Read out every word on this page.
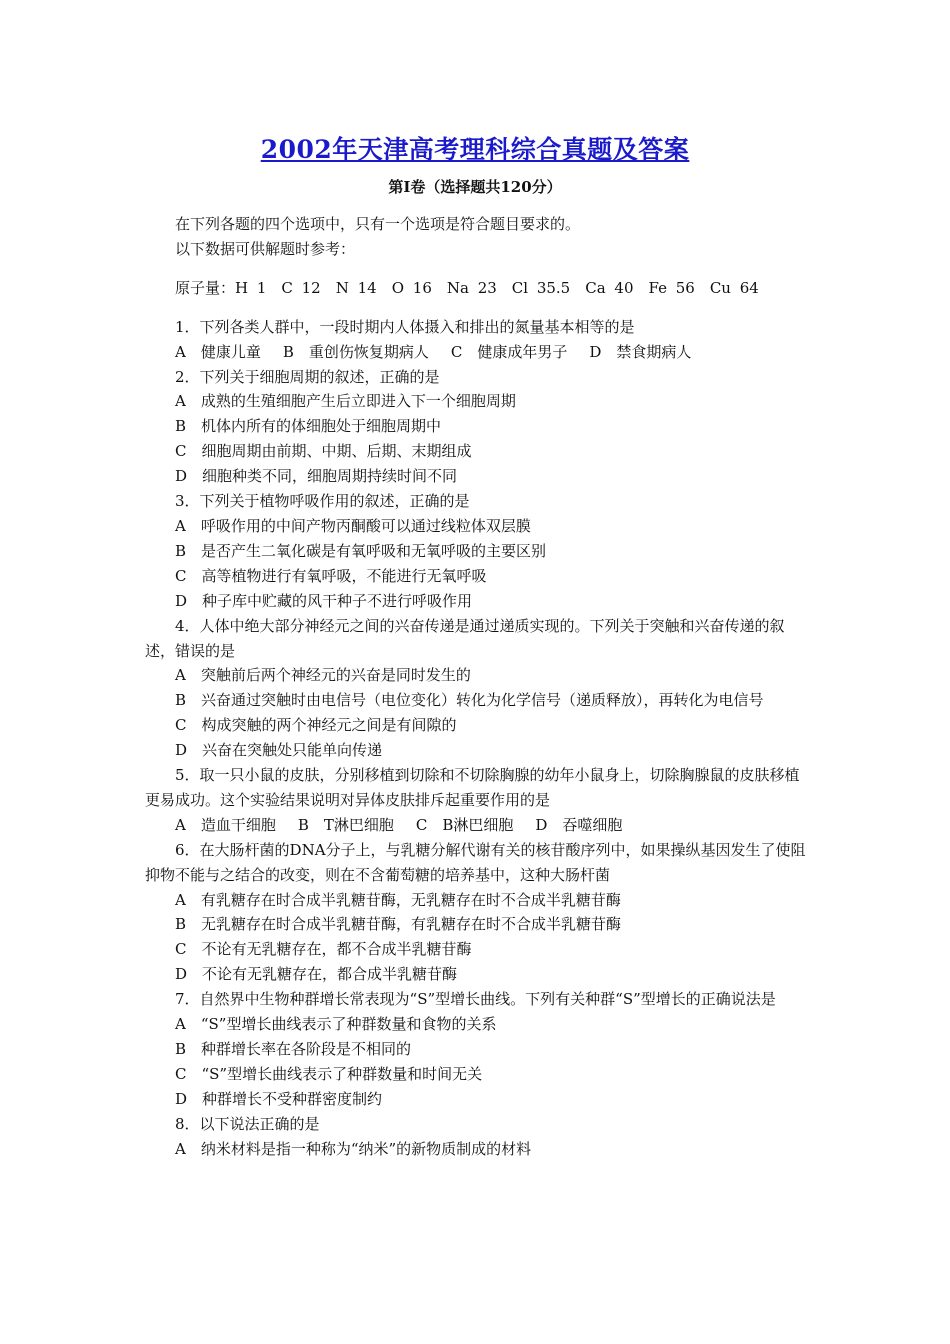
2002年天津高考理科综合真题及答案
第Ⅰ卷（选择题共120分）

在下列各题的四个选项中，只有一个选项是符合题目要求的。

以下数据可供解题时参考：

原子量：H 1　C 12　N 14　O 16　Na 23　Cl 35.5　Ca 40　Fe 56　Cu 64

1．下列各类人群中，一段时期内人体摄入和排出的氮量基本相等的是

A　健康儿童 B　重创伤恢复期病人 C　健康成年男子 D　禁食期病人

2．下列关于细胞周期的叙述，正确的是

A　成熟的生殖细胞产生后立即进入下一个细胞周期

B　机体内所有的体细胞处于细胞周期中

C　细胞周期由前期、中期、后期、末期组成

D　细胞种类不同，细胞周期持续时间不同

3．下列关于植物呼吸作用的叙述，正确的是

A　呼吸作用的中间产物丙酮酸可以通过线粒体双层膜

B　是否产生二氧化碳是有氧呼吸和无氧呼吸的主要区别

C　高等植物进行有氧呼吸，不能进行无氧呼吸

D　种子库中贮藏的风干种子不进行呼吸作用

4．人体中绝大部分神经元之间的兴奋传递是通过递质实现的。下列关于突触和兴奋传递的叙述，错误的是

A　突触前后两个神经元的兴奋是同时发生的

B　兴奋通过突触时由电信号（电位变化）转化为化学信号（递质释放），再转化为电信号

C　构成突触的两个神经元之间是有间隙的

D　兴奋在突触处只能单向传递

5．取一只小鼠的皮肤，分别移植到切除和不切除胸腺的幼年小鼠身上，切除胸腺鼠的皮肤移植更易成功。这个实验结果说明对异体皮肤排斥起重要作用的是

A　造血干细胞 B　T淋巴细胞 C　B淋巴细胞 D　吞噬细胞

6．在大肠杆菌的DNA分子上，与乳糖分解代谢有关的核苷酸序列中，如果操纵基因发生了使阻抑物不能与之结合的改变，则在不含葡萄糖的培养基中，这种大肠杆菌

A　有乳糖存在时合成半乳糖苷酶，无乳糖存在时不合成半乳糖苷酶

B　无乳糖存在时合成半乳糖苷酶，有乳糖存在时不合成半乳糖苷酶

C　不论有无乳糖存在，都不合成半乳糖苷酶

D　不论有无乳糖存在，都合成半乳糖苷酶

7．自然界中生物种群增长常表现为“S”型增长曲线。下列有关种群“S”型增长的正确说法是

A　“S”型增长曲线表示了种群数量和食物的关系

B　种群增长率在各阶段是不相同的

C　“S”型增长曲线表示了种群数量和时间无关

D　种群增长不受种群密度制约

8．以下说法正确的是

A　纳米材料是指一种称为“纳米”的新物质制成的材料
